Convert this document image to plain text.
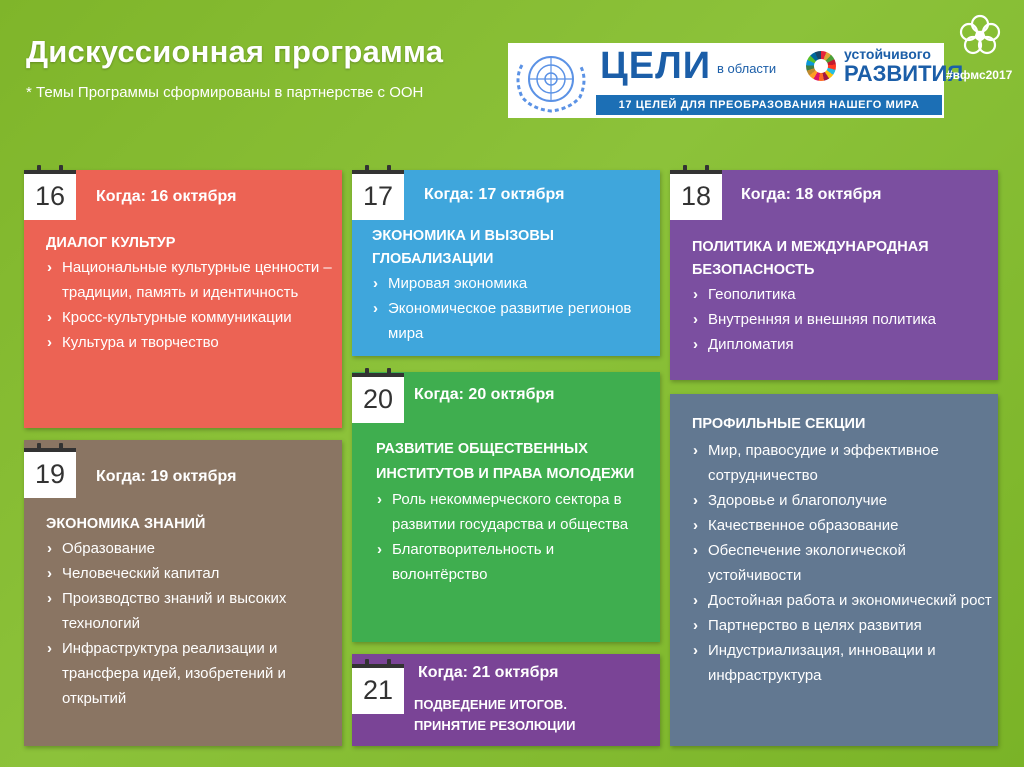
Дискуссионная программа
* Темы Программы сформированы в партнерстве с ООН
ЦЕЛИ в области
устойчивого
РАЗВИТИЯ
17 ЦЕЛЕЙ ДЛЯ ПРЕОБРАЗОВАНИЯ НАШЕГО МИРА
#вфмс2017
16	Когда: 16 октября
ДИАЛОГ КУЛЬТУР
› Национальные культурные ценности – традиции, память и идентичность
› Кросс-культурные коммуникации
› Культура и творчество
17	Когда: 17 октября
ЭКОНОМИКА И ВЫЗОВЫ ГЛОБАЛИЗАЦИИ
› Мировая экономика
› Экономическое развитие регионов мира
18	Когда: 18 октября
ПОЛИТИКА И МЕЖДУНАРОДНАЯ БЕЗОПАСНОСТЬ
› Геополитика
› Внутренняя и внешняя политика
› Дипломатия
20	Когда: 20 октября
РАЗВИТИЕ ОБЩЕСТВЕННЫХ ИНСТИТУТОВ И ПРАВА МОЛОДЕЖИ
› Роль некоммерческого сектора в развитии государства и общества
› Благотворительность и волонтёрство
19	Когда: 19 октября
ЭКОНОМИКА ЗНАНИЙ
› Образование
› Человеческий капитал
› Производство знаний и высоких технологий
› Инфраструктура реализации и трансфера идей, изобретений и открытий
ПРОФИЛЬНЫЕ СЕКЦИИ
› Мир, правосудие и эффективное сотрудничество
› Здоровье и благополучие
› Качественное образование
› Обеспечение экологической устойчивости
› Достойная работа и экономический рост
› Партнерство в целях развития
› Индустриализация, инновации и инфраструктура
21
Когда: 21 октября
ПОДВЕДЕНИЕ ИТОГОВ.
ПРИНЯТИЕ РЕЗОЛЮЦИИ
